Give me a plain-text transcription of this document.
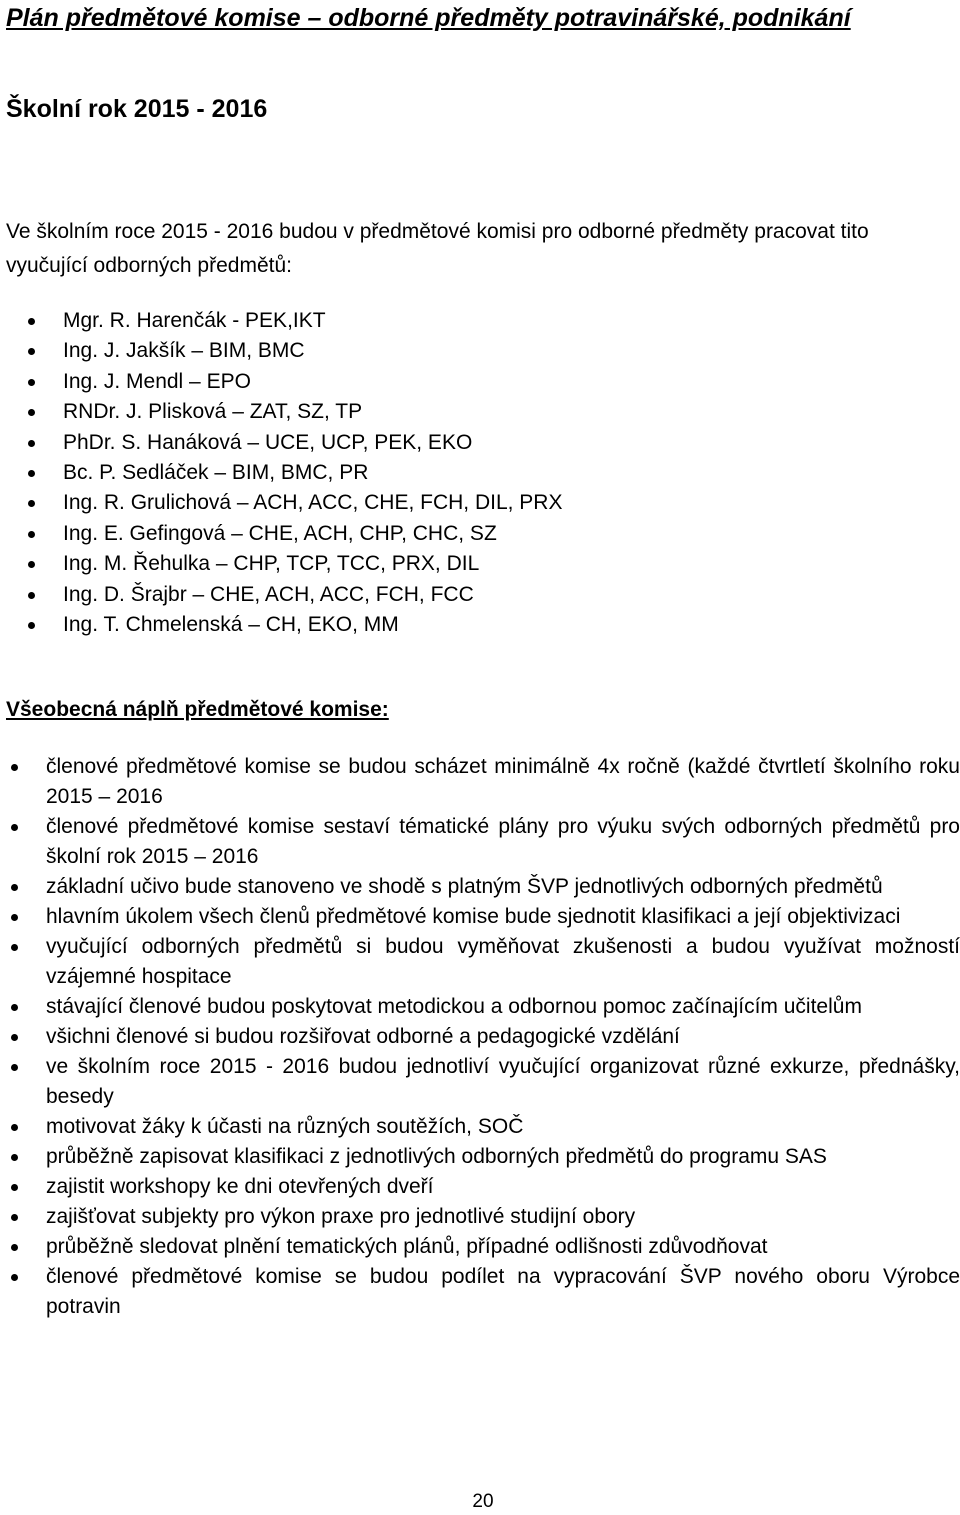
Plán předmětové komise – odborné předměty potravinářské, podnikání
Školní rok 2015 - 2016
Ve školním roce 2015 - 2016 budou v předmětové komisi pro odborné předměty pracovat tito vyučující odborných předmětů:
Mgr. R. Harenčák - PEK,IKT
Ing. J. Jakšík – BIM, BMC
Ing. J. Mendl – EPO
RNDr. J. Plisková – ZAT, SZ, TP
PhDr. S. Hanáková – UCE, UCP, PEK, EKO
Bc. P. Sedláček – BIM, BMC, PR
Ing. R. Grulichová – ACH, ACC, CHE, FCH, DIL, PRX
Ing. E. Gefingová – CHE, ACH, CHP, CHC, SZ
Ing. M. Řehulka – CHP, TCP, TCC, PRX, DIL
Ing. D. Šrajbr – CHE, ACH, ACC, FCH, FCC
Ing. T. Chmelenská – CH, EKO, MM
Všeobecná náplň předmětové komise:
členové předmětové komise se budou scházet minimálně 4x ročně (každé čtvrtletí školního roku 2015 – 2016
členové předmětové komise sestaví tématické plány pro výuku svých odborných předmětů pro školní rok 2015 – 2016
základní učivo bude stanoveno ve shodě s platným ŠVP jednotlivých odborných předmětů
hlavním úkolem všech členů předmětové komise bude sjednotit klasifikaci a její objektivizaci
vyučující odborných předmětů si budou vyměňovat zkušenosti a budou využívat možností vzájemné hospitace
stávající členové budou poskytovat metodickou a odbornou pomoc začínajícím učitelům
všichni členové si budou rozšiřovat odborné a pedagogické vzdělání
ve školním roce 2015 - 2016 budou jednotliví vyučující organizovat různé exkurze, přednášky, besedy
motivovat žáky k účasti na různých soutěžích, SOČ
průběžně zapisovat klasifikaci z jednotlivých odborných předmětů do programu SAS
zajistit workshopy ke dni otevřených dveří
zajišťovat subjekty pro výkon praxe pro jednotlivé studijní obory
průběžně sledovat plnění tematických plánů, případné odlišnosti zdůvodňovat
členové předmětové komise se budou podílet na vypracování ŠVP nového oboru Výrobce potravin
20
